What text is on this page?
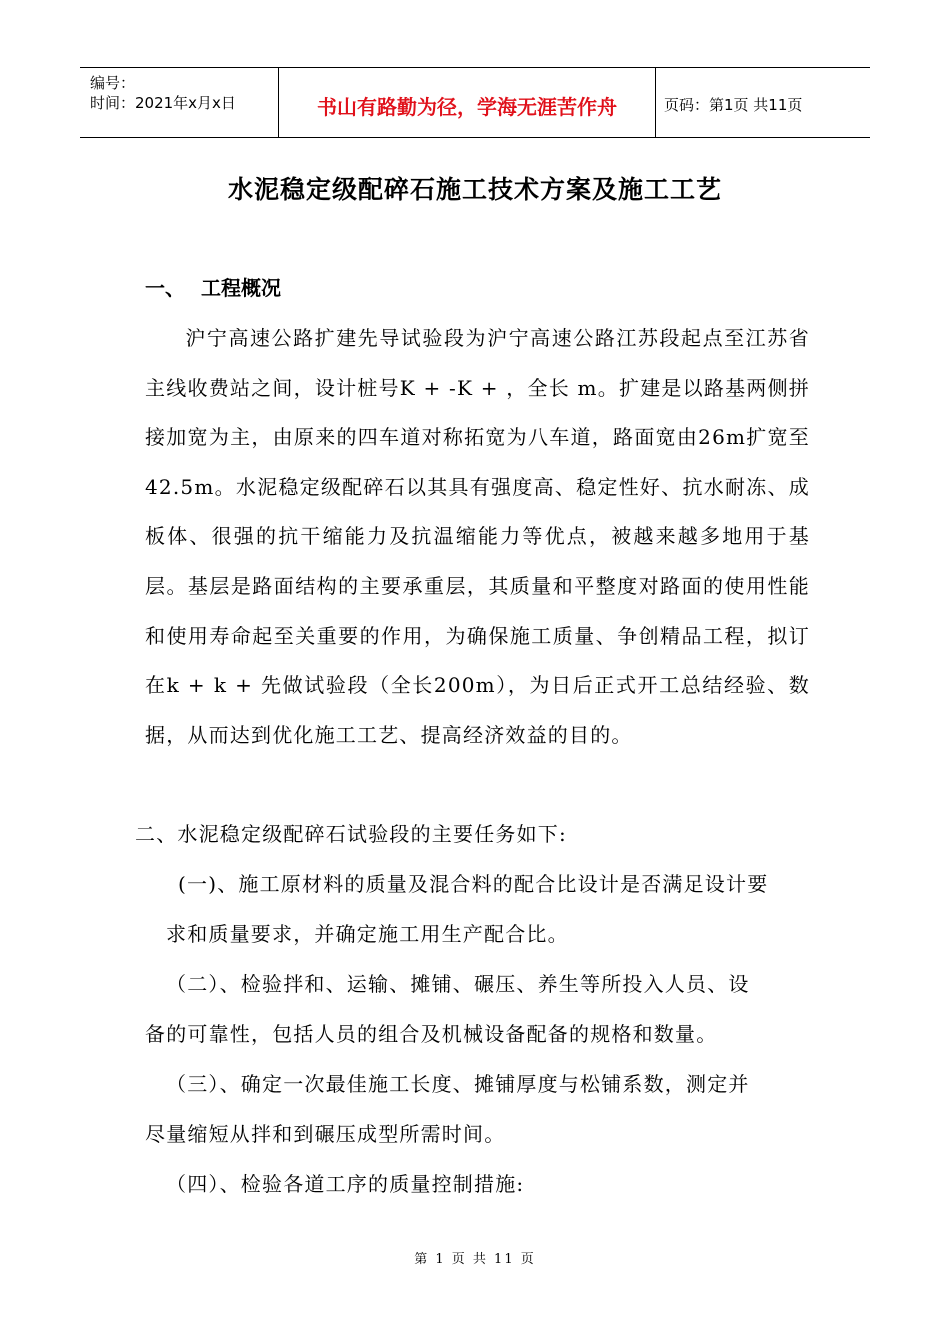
编号：
时间：2021年x月x日	书山有路勤为径，学海无涯苦作舟	页码：第1页 共11页
水泥稳定级配碎石施工技术方案及施工工艺
一、 工程概况

沪宁高速公路扩建先导试验段为沪宁高速公路江苏段起点至江苏省主线收费站之间，设计桩号K + -K + ，全长 m。扩建是以路基两侧拼接加宽为主，由原来的四车道对称拓宽为八车道，路面宽由26m扩宽至42.5m。水泥稳定级配碎石以其具有强度高、稳定性好、抗水耐冻、成板体、很强的抗干缩能力及抗温缩能力等优点，被越来越多地用于基层。基层是路面结构的主要承重层，其质量和平整度对路面的使用性能和使用寿命起至关重要的作用，为确保施工质量、争创精品工程，拟订在k + k + 先做试验段（全长200m），为日后正式开工总结经验、数据，从而达到优化施工工艺、提高经济效益的目的。

二、水泥稳定级配碎石试验段的主要任务如下:
(一)、施工原材料的质量及混合料的配合比设计是否满足设计要
求和质量要求，并确定施工用生产配合比。
（二）、检验拌和、运输、摊铺、碾压、养生等所投入人员、设
备的可靠性，包括人员的组合及机械设备配备的规格和数量。
（三）、确定一次最佳施工长度、摊铺厚度与松铺系数，测定并
尽量缩短从拌和到碾压成型所需时间。
（四）、检验各道工序的质量控制措施:
第 1 页 共 11 页
